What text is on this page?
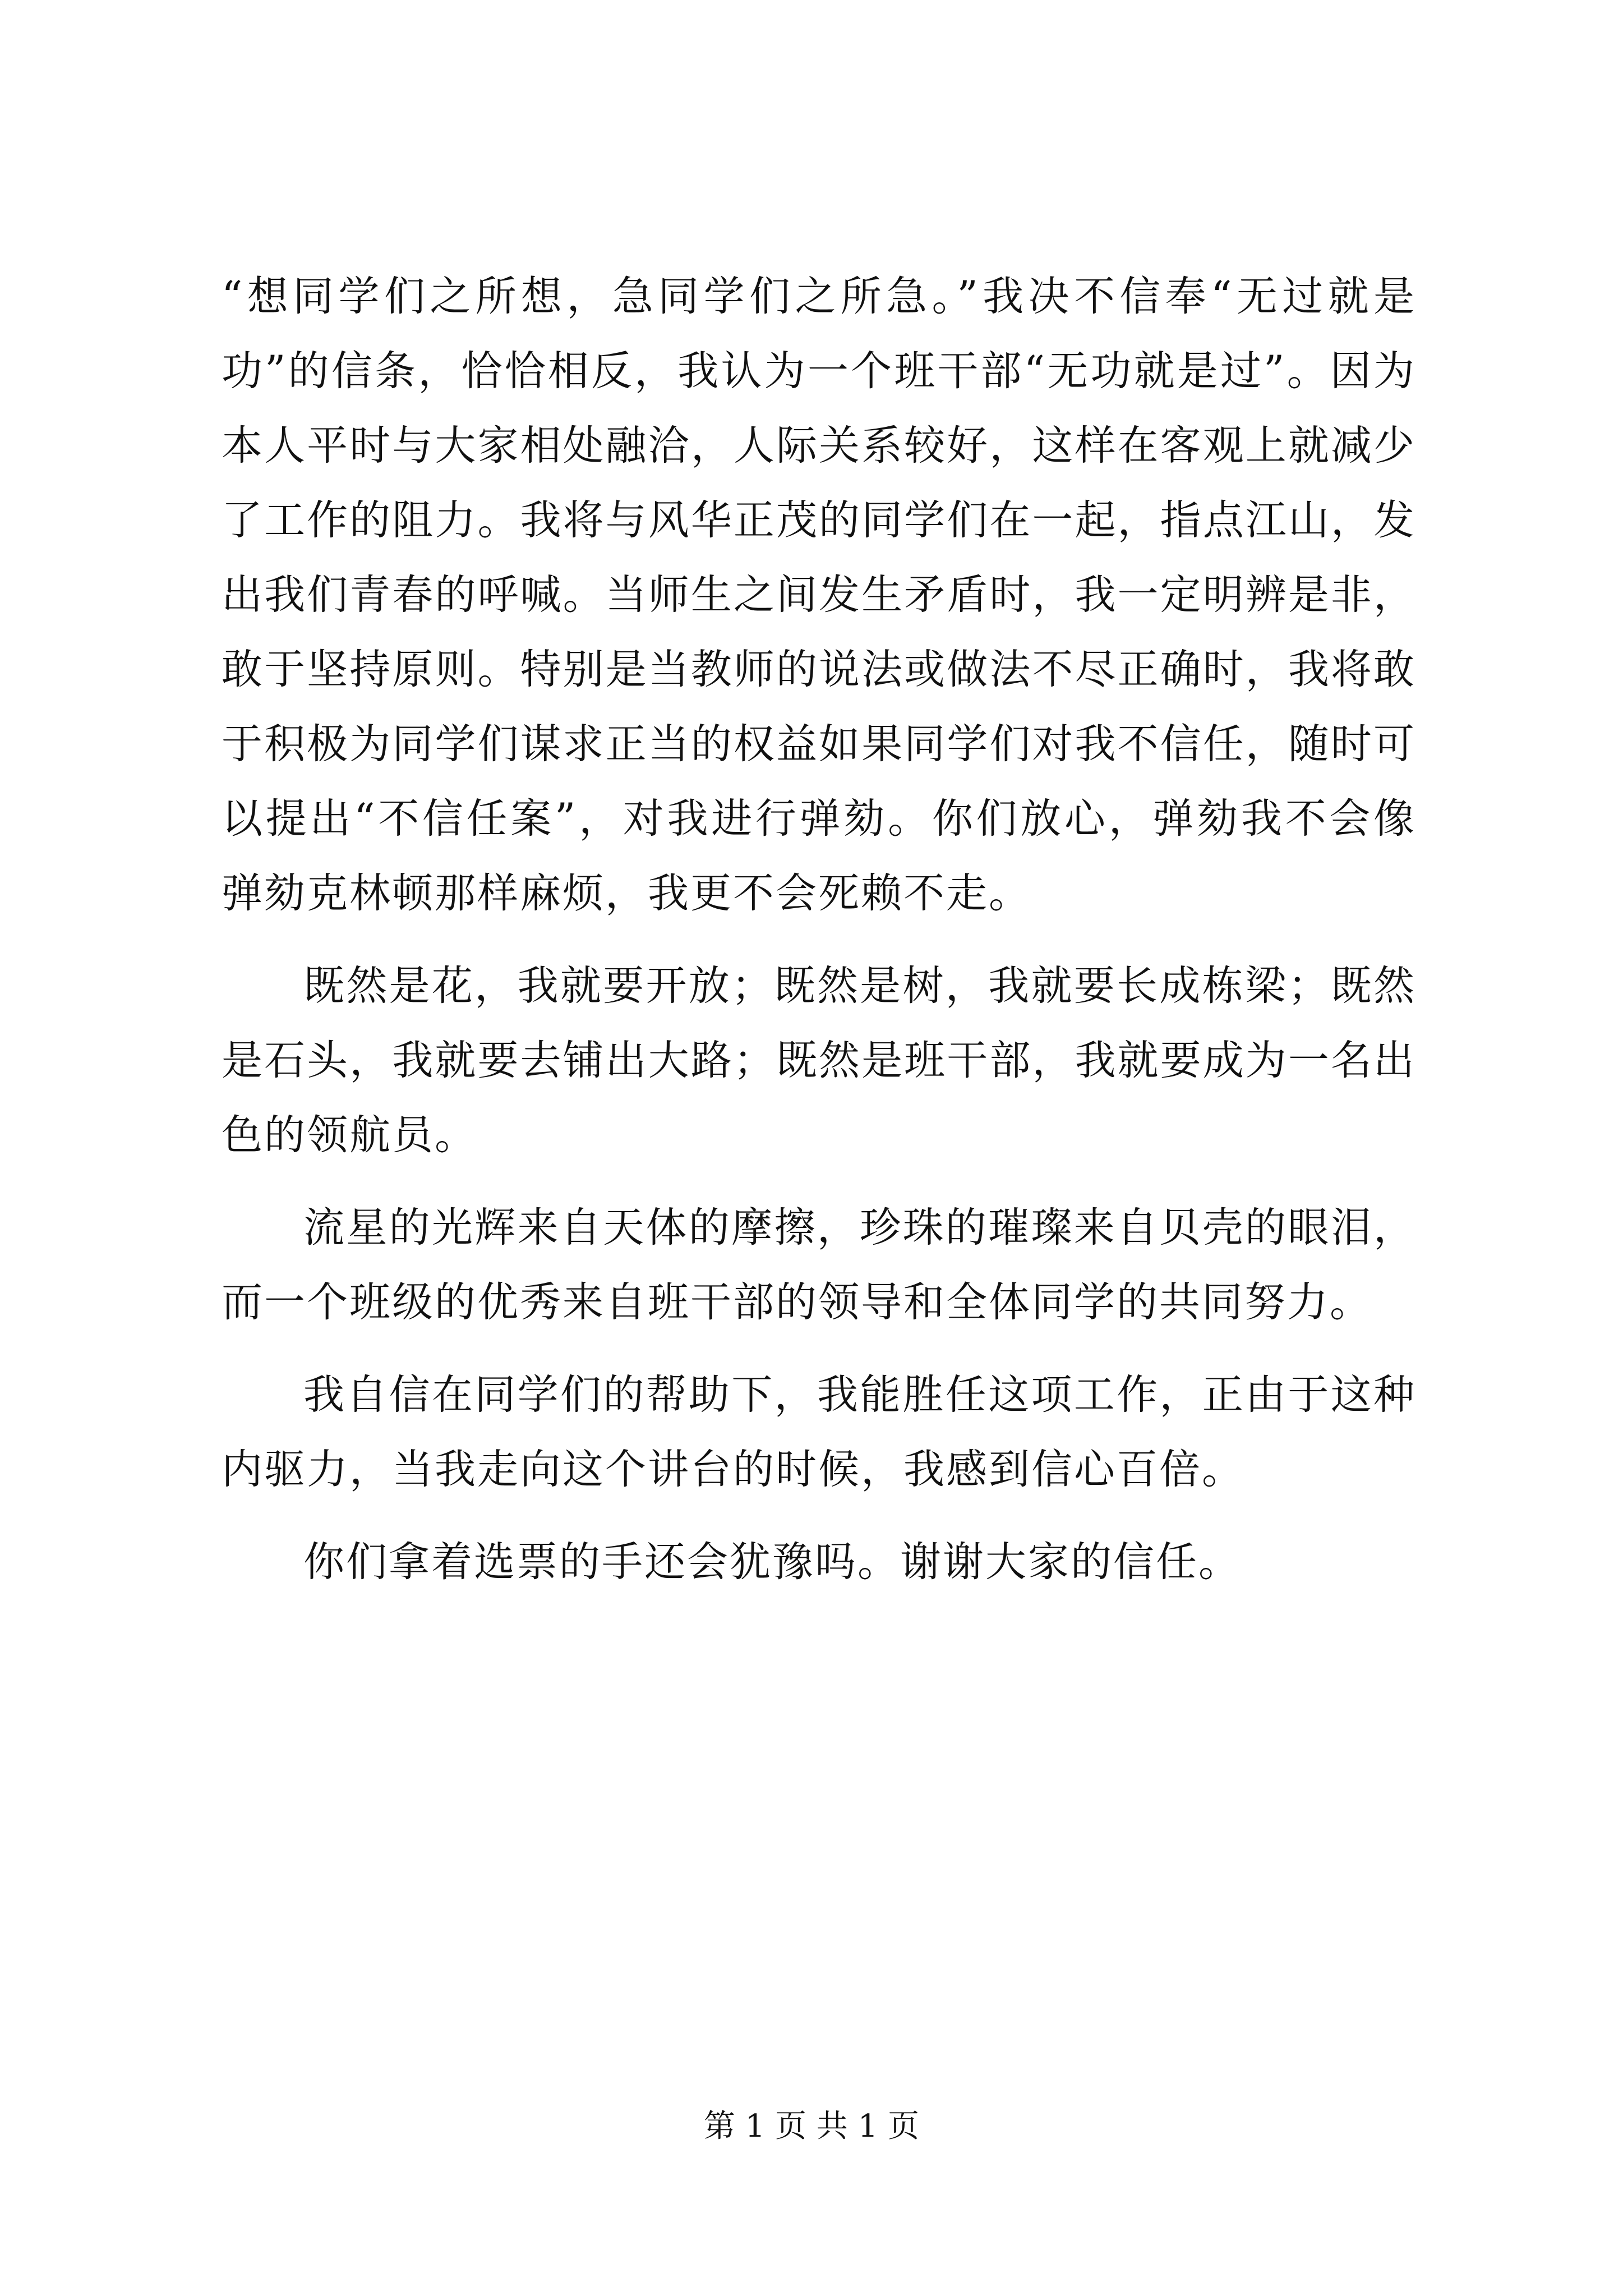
“想同学们之所想，急同学们之所急。”我决不信奉“无过就是功”的信条，恰恰相反，我认为一个班干部“无功就是过”。因为本人平时与大家相处融洽，人际关系较好，这样在客观上就减少了工作的阻力。我将与风华正茂的同学们在一起，指点江山，发出我们青春的呼喊。当师生之间发生矛盾时，我一定明辨是非，敢于坚持原则。特别是当教师的说法或做法不尽正确时，我将敢于积极为同学们谋求正当的权益如果同学们对我不信任，随时可以提出“不信任案”，对我进行弹劾。你们放心，弹劾我不会像弹劾克林顿那样麻烦，我更不会死赖不走。

既然是花，我就要开放；既然是树，我就要长成栋梁；既然是石头，我就要去铺出大路；既然是班干部，我就要成为一名出色的领航员。

流星的光辉来自天体的摩擦，珍珠的璀璨来自贝壳的眼泪，而一个班级的优秀来自班干部的领导和全体同学的共同努力。

我自信在同学们的帮助下，我能胜任这项工作，正由于这种内驱力，当我走向这个讲台的时候，我感到信心百倍。

你们拿着选票的手还会犹豫吗。谢谢大家的信任。

第 1 页 共 1 页
